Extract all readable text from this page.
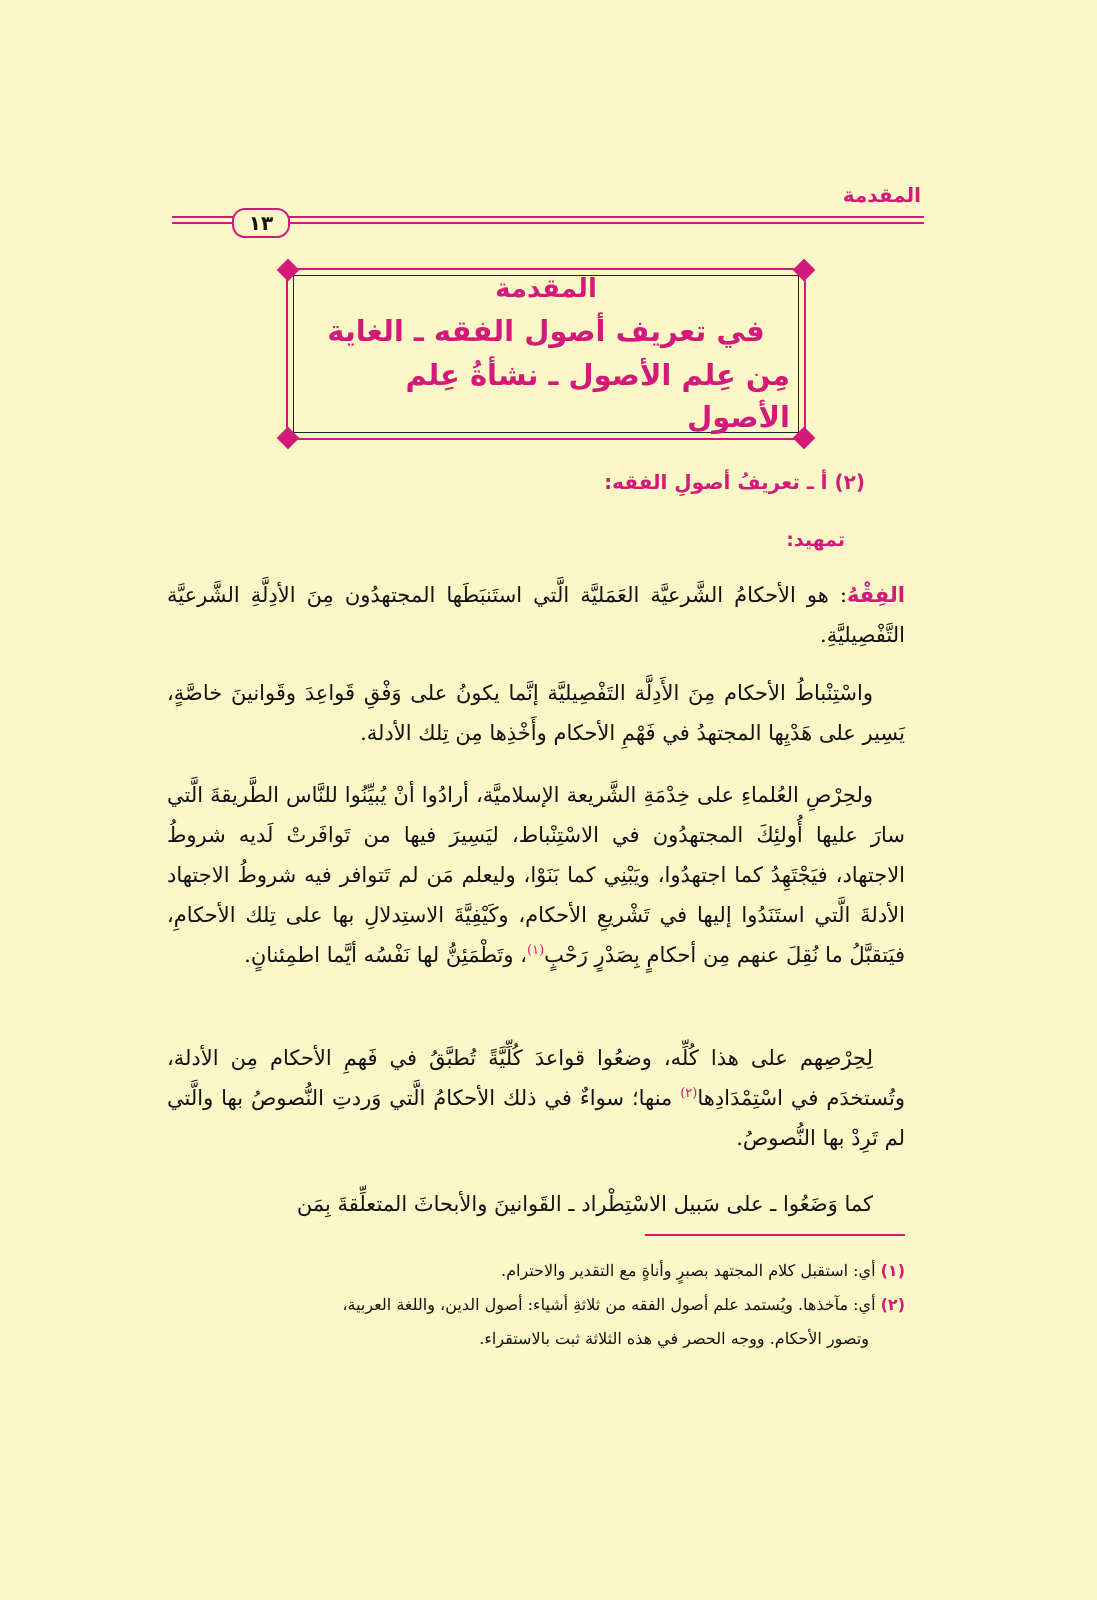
المقدمة
١٣
المقدمة
في تعريف أصول الفقه ـ الغاية
مِن عِلم الأصول ـ نشأةُ عِلم الأصول
(٢) أ ـ تعريفُ أصولِ الفقه:
تمهيد:

الفِقْهُ: هو الأحكامُ الشَّرعيَّة العَمَليَّة الَّتي استَنبَطَها المجتهدُون مِنَ الأدِلَّةِ الشَّرعيَّة التَّفْصِيليَّةِ.

واسْتِنْباطُ الأحكام مِنَ الأَدِلَّة التَفْصِيليَّة إنَّما يكونُ على وَفْقِ قَواعِدَ وقَوانينَ خاصَّةٍ، يَسِير على هَدْيِها المجتهدُ في فَهْمِ الأحكام وأَخْذِها مِن تِلك الأدلة.

ولحِرْصِ العُلماءِ على خِدْمَةِ الشَّريعة الإسلاميَّة، أرادُوا أنْ يُبيِّنُوا للنَّاس الطَّريقةَ الَّتي سارَ عليها أُولئِكَ المجتهدُون في الاسْتِنْباط، ليَسِيرَ فيها من تَوافَرتْ لَديه شروطُ الاجتهاد، فيَجْتَهِدُ كما اجتهدُوا، ويَبْنِي كما بَنَوْا، وليعلم مَن لم تَتوافر فيه شروطُ الاجتهاد الأدلةَ الَّتي استَنَدُوا إليها في تَشْريعِ الأحكام، وكَيْفِيَّةَ الاستِدلالِ بها على تِلك الأحكامِ، فيَتقبَّلُ ما نُقِلَ عنهم مِن أحكامٍ بِصَدْرٍ رَحْبٍ$^{(١)}$، وتَطْمَئِنُّ لها نَفْسُه أيَّما اطمِئنانٍ.

لِحِرْصِهم على هذا كُلِّه، وضعُوا قواعدَ كُلِّيَّةً تُطبَّقُ في فَهمِ الأحكام مِن الأدلة، وتُستخدَم في اسْتِمْدَادِها$^{(٢)}$ منها؛ سواءٌ في ذلك الأحكامُ الَّتي وَردتِ النُّصوصُ بها والَّتي لم تَرِدْ بها النُّصوصُ.

كما وَضَعُوا ـ على سَبيل الاسْتِطْراد ـ القَوانينَ والأبحاثَ المتعلِّقةَ بِمَن

(١) أي: استقبل كلام المجتهد بصبرٍ وأناةٍ مع التقدير والاحترام.
(٢) أي: مآخذها. ويُستمد علم أصول الفقه من ثلاثةِ أشياء: أصول الدين، واللغة العربية،
وتصور الأحكام. ووجه الحصر في هذه الثلاثة ثبت بالاستقراء.
